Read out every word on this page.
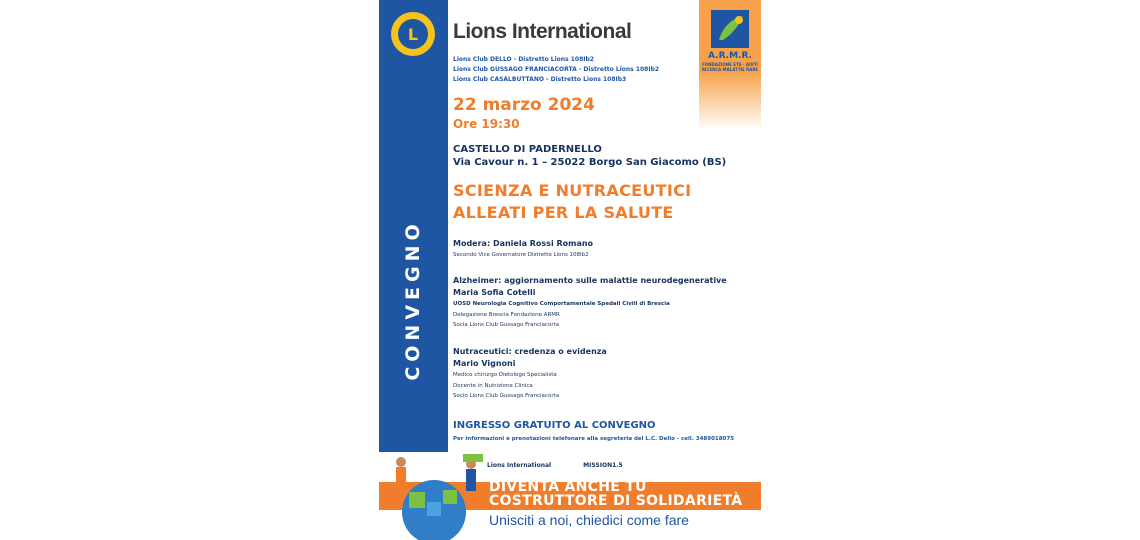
L
CONVEGNO
Lions International
A.R.M.R.
FONDAZIONE ETS · AIUTI RICERCA MALATTIE RARE
Lions Club DELLO - Distretto Lions 108Ib2
Lions Club GUSSAGO FRANCIACORTA - Distretto Lions 108Ib2
Lions Club CASALBUTTANO - Distretto Lions 108Ib3
22 marzo 2024
Ore 19:30
CASTELLO DI PADERNELLO
Via Cavour n. 1 – 25022 Borgo San Giacomo (BS)
SCIENZA E NUTRACEUTICI
ALLEATI PER LA SALUTE
Modera: Daniela Rossi Romano
Secondo Vice Governatore Distretto Lions 108Ib2
Alzheimer: aggiornamento sulle malattie neurodegenerative
Maria Sofia Cotelli
UOSD Neurologia Cognitivo Comportamentale Spedali Civili di Brescia
Delegazione Brescia Fondazione ARMR
Socia Lions Club Gussago Franciacorta
Nutraceutici: credenza o evidenza
Mario Vignoni
Medico chirurgo Dietologo Specialista
Docente in Nutrizione Clinica
Socio Lions Club Gussago Franciacorta
INGRESSO GRATUITO AL CONVEGNO
Per informazioni e prenotazioni telefonare alla segreteria del L.C. Dello - cell. 3489018075
Lions International	MISSION1.5
DIVENTA ANCHE TU
COSTRUTTORE DI SOLIDARIETÀ
Unisciti a noi, chiedici come fare
